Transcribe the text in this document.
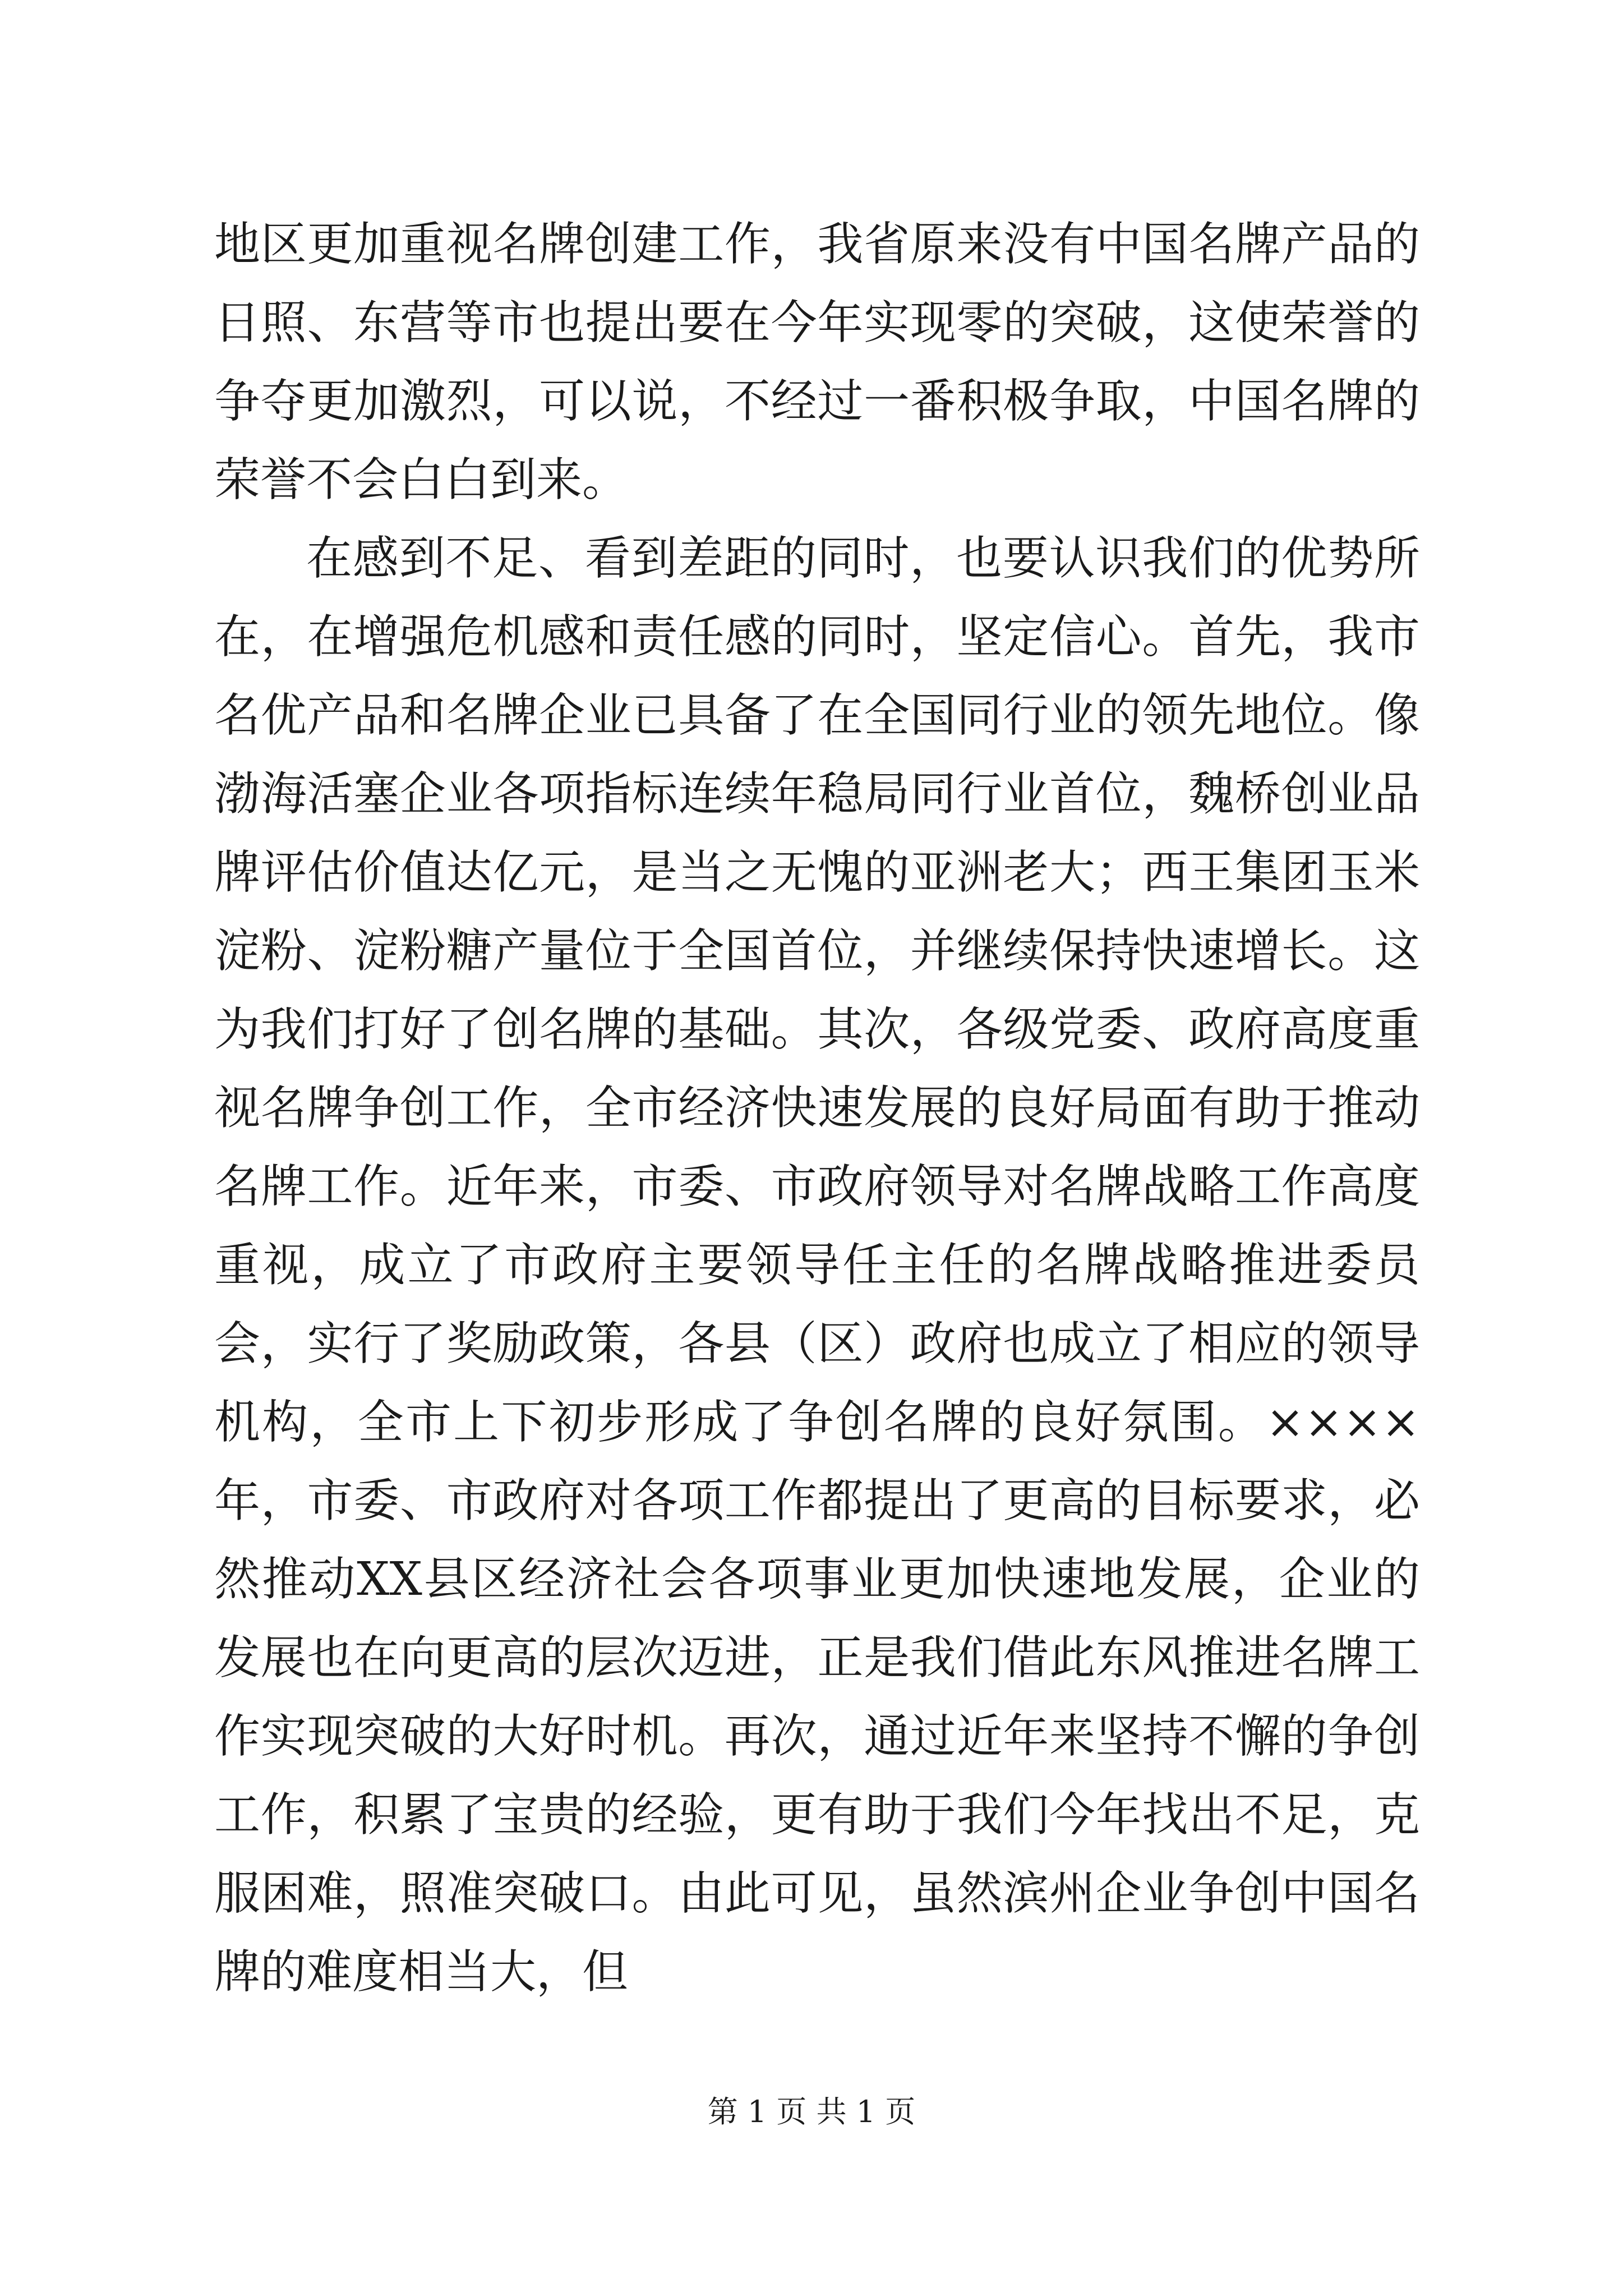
地区更加重视名牌创建工作，我省原来没有中国名牌产品的日照、东营等市也提出要在今年实现零的突破，这使荣誉的争夺更加激烈，可以说，不经过一番积极争取，中国名牌的荣誉不会白白到来。

在感到不足、看到差距的同时，也要认识我们的优势所在，在增强危机感和责任感的同时，坚定信心。首先，我市名优产品和名牌企业已具备了在全国同行业的领先地位。像渤海活塞企业各项指标连续年稳局同行业首位，魏桥创业品牌评估价值达亿元，是当之无愧的亚洲老大；西王集团玉米淀粉、淀粉糖产量位于全国首位，并继续保持快速增长。这为我们打好了创名牌的基础。其次，各级党委、政府高度重视名牌争创工作，全市经济快速发展的良好局面有助于推动名牌工作。近年来，市委、市政府领导对名牌战略工作高度重视，成立了市政府主要领导任主任的名牌战略推进委员会，实行了奖励政策，各县（区）政府也成立了相应的领导机构，全市上下初步形成了争创名牌的良好氛围。××××年，市委、市政府对各项工作都提出了更高的目标要求，必然推动XX县区经济社会各项事业更加快速地发展，企业的发展也在向更高的层次迈进，正是我们借此东风推进名牌工作实现突破的大好时机。再次，通过近年来坚持不懈的争创工作，积累了宝贵的经验，更有助于我们今年找出不足，克服困难，照准突破口。由此可见，虽然滨州企业争创中国名牌的难度相当大，但

第 1 页 共 1 页
